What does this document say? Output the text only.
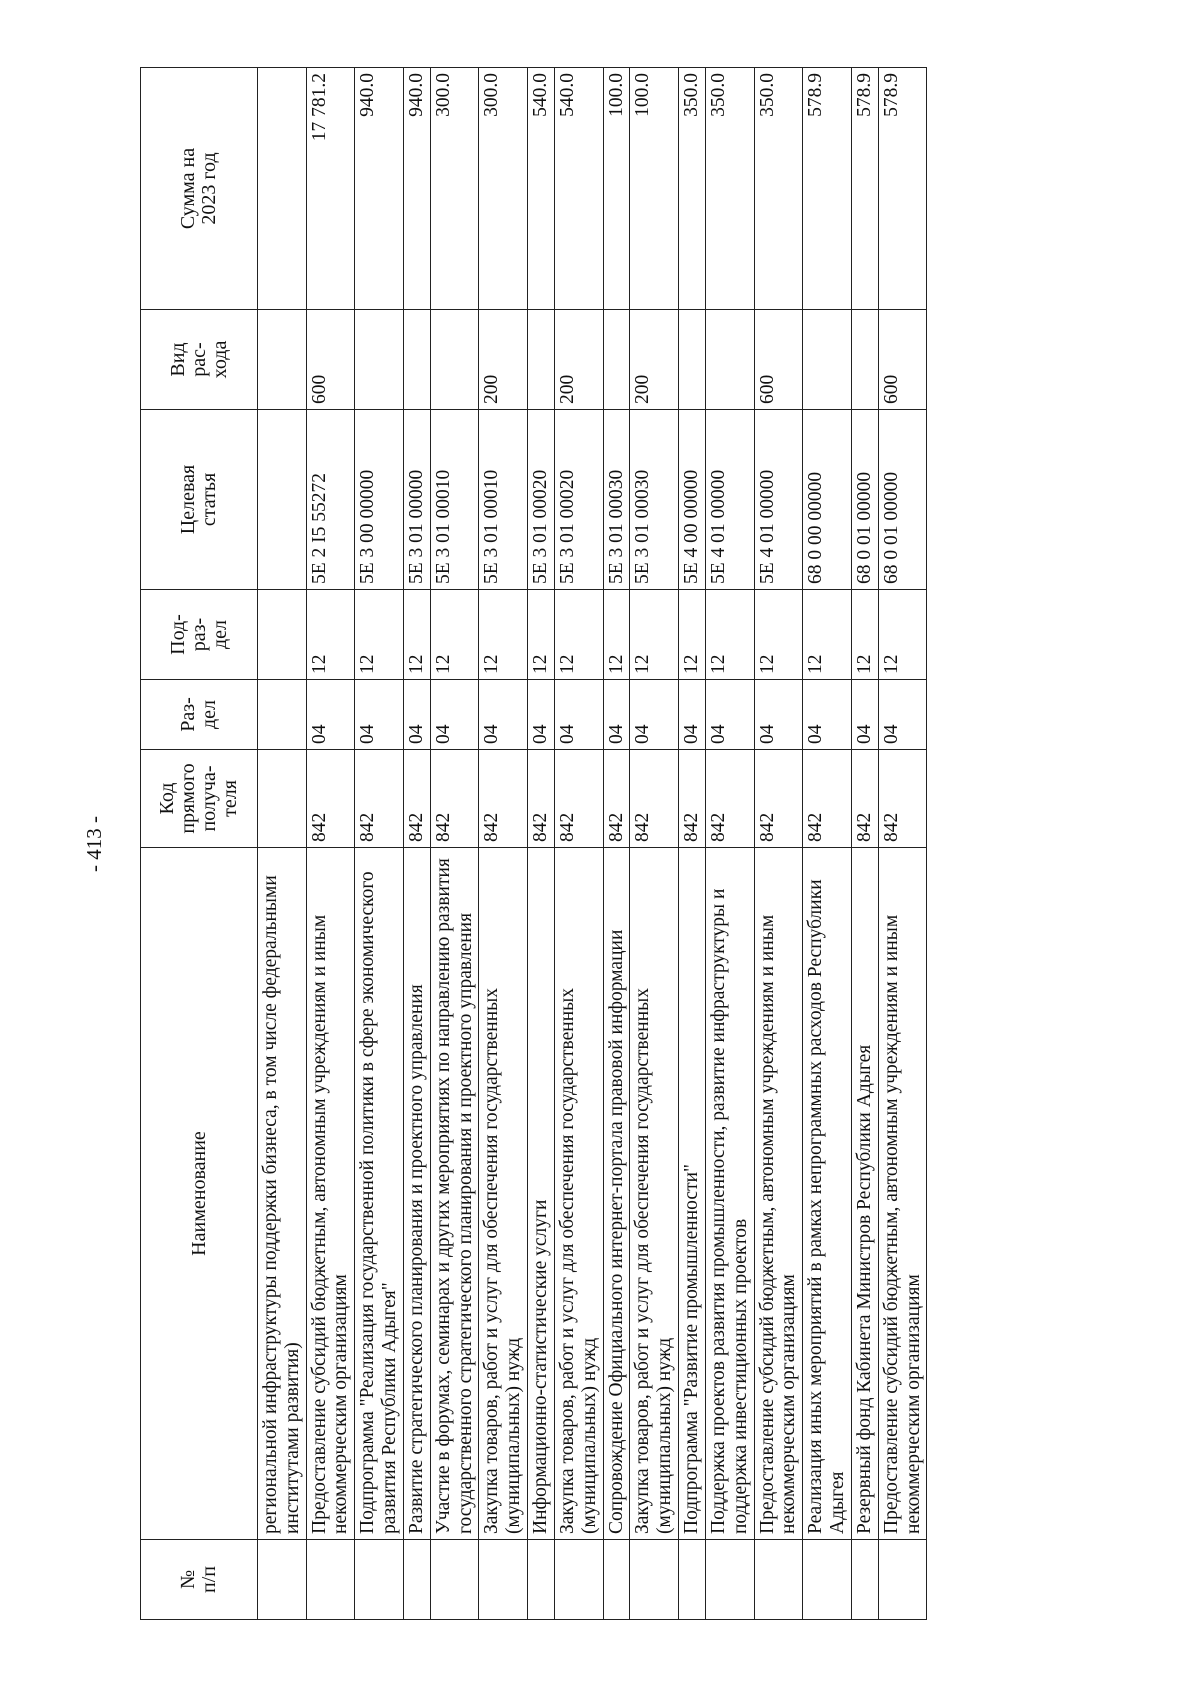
- 413 -
№
п/п	Наименование	Код
прямого
получа-
теля	Раз-
дел	Под-
раз-
дел	Целевая
статья	Вид
рас-
хода	Сумма на
2023 год
	региональной инфраструктуры поддержки бизнеса, в том числе федеральными институтами развития)						
	Предоставление субсидий бюджетным, автономным учреждениям и иным некоммерческим организациям	842	04	12	5E 2 I5 55272	600	17 781.2
	Подпрограмма "Реализация государственной политики в сфере экономического развития Республики Адыгея"	842	04	12	5E 3 00 00000		940.0
	Развитие стратегического планирования и проектного управления	842	04	12	5E 3 01 00000		940.0
	Участие в форумах, семинарах и других мероприятиях по направлению развития государственного стратегического планирования и проектного управления	842	04	12	5E 3 01 00010		300.0
	Закупка товаров, работ и услуг для обеспечения государственных (муниципальных) нужд	842	04	12	5E 3 01 00010	200	300.0
	Информационно-статистические услуги	842	04	12	5E 3 01 00020		540.0
	Закупка товаров, работ и услуг для обеспечения государственных (муниципальных) нужд	842	04	12	5E 3 01 00020	200	540.0
	Сопровождение Официального интернет-портала правовой информации	842	04	12	5E 3 01 00030		100.0
	Закупка товаров, работ и услуг для обеспечения государственных (муниципальных) нужд	842	04	12	5E 3 01 00030	200	100.0
	Подпрограмма "Развитие промышленности"	842	04	12	5E 4 00 00000		350.0
	Поддержка проектов развития промышленности, развитие инфраструктуры и поддержка инвестиционных проектов	842	04	12	5E 4 01 00000		350.0
	Предоставление субсидий бюджетным, автономным учреждениям и иным некоммерческим организациям	842	04	12	5E 4 01 00000	600	350.0
	Реализация иных мероприятий в рамках непрограммных расходов Республики Адыгея	842	04	12	68 0 00 00000		578.9
	Резервный фонд Кабинета Министров Республики Адыгея	842	04	12	68 0 01 00000		578.9
	Предоставление субсидий бюджетным, автономным учреждениям и иным некоммерческим организациям	842	04	12	68 0 01 00000	600	578.9
